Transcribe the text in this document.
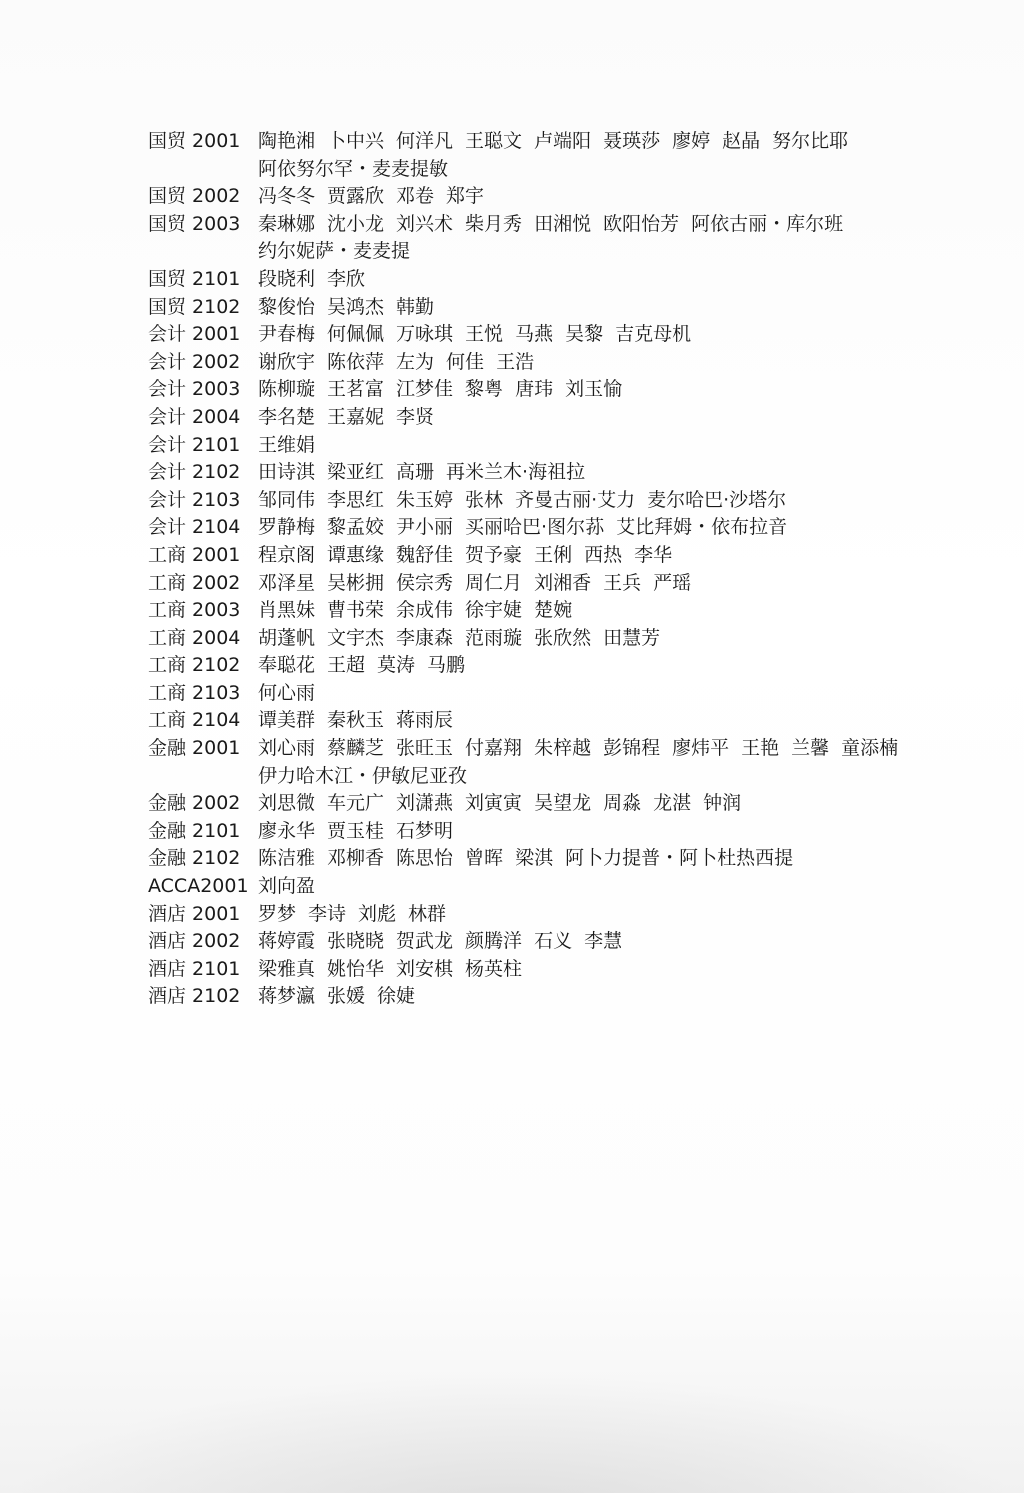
国贸 2001 陶艳湘 卜中兴 何洋凡 王聪文 卢端阳 聂瑛莎 廖婷 赵晶 努尔比耶阿依努尔罕・麦麦提敏
国贸 2002 冯冬冬 贾露欣 邓卷 郑宇
国贸 2003 秦琳娜 沈小龙 刘兴术 柴月秀 田湘悦 欧阳怡芳 阿依古丽・库尔班约尔妮萨・麦麦提
国贸 2101 段晓利 李欣
国贸 2102 黎俊怡 吴鸿杰 韩勤
会计 2001 尹春梅 何佩佩 万咏琪 王悦 马燕 吴黎 吉克母机
会计 2002 谢欣宇 陈依萍 左为 何佳 王浩
会计 2003 陈柳璇 王茗富 江梦佳 黎粤 唐玮 刘玉愉
会计 2004 李名楚 王嘉妮 李贤
会计 2101 王维娟
会计 2102 田诗淇 梁亚红 高珊 再米兰木·海祖拉
会计 2103 邹同伟 李思红 朱玉婷 张林 齐曼古丽·艾力 麦尔哈巴·沙塔尔
会计 2104 罗静梅 黎孟姣 尹小丽 买丽哈巴·图尔荪 艾比拜姆・依布拉音
工商 2001 程京阁 谭惠缘 魏舒佳 贺予豪 王俐 西热 李华
工商 2002 邓泽星 吴彬拥 侯宗秀 周仁月 刘湘香 王兵 严瑶
工商 2003 肖黑妹 曹书荣 余成伟 徐宇婕 楚婉
工商 2004 胡蓬帆 文宇杰 李康森 范雨璇 张欣然 田慧芳
工商 2102 奉聪花 王超 莫涛 马鹏
工商 2103 何心雨
工商 2104 谭美群 秦秋玉 蒋雨辰
金融 2001 刘心雨 蔡麟芝 张旺玉 付嘉翔 朱梓越 彭锦程 廖炜平 王艳 兰馨 童添楠伊力哈木江・伊敏尼亚孜
金融 2002 刘思微 车元广 刘潇燕 刘寅寅 吴望龙 周淼 龙湛 钟润
金融 2101 廖永华 贾玉桂 石梦明
金融 2102 陈洁雅 邓柳香 陈思怡 曾晖 梁淇 阿卜力提普・阿卜杜热西提
ACCA2001 刘向盈
酒店 2001 罗梦 李诗 刘彪 林群
酒店 2002 蒋婷霞 张晓晓 贺武龙 颜腾洋 石义 李慧
酒店 2101 梁雅真 姚怡华 刘安棋 杨英柱
酒店 2102 蒋梦瀛 张媛 徐婕
